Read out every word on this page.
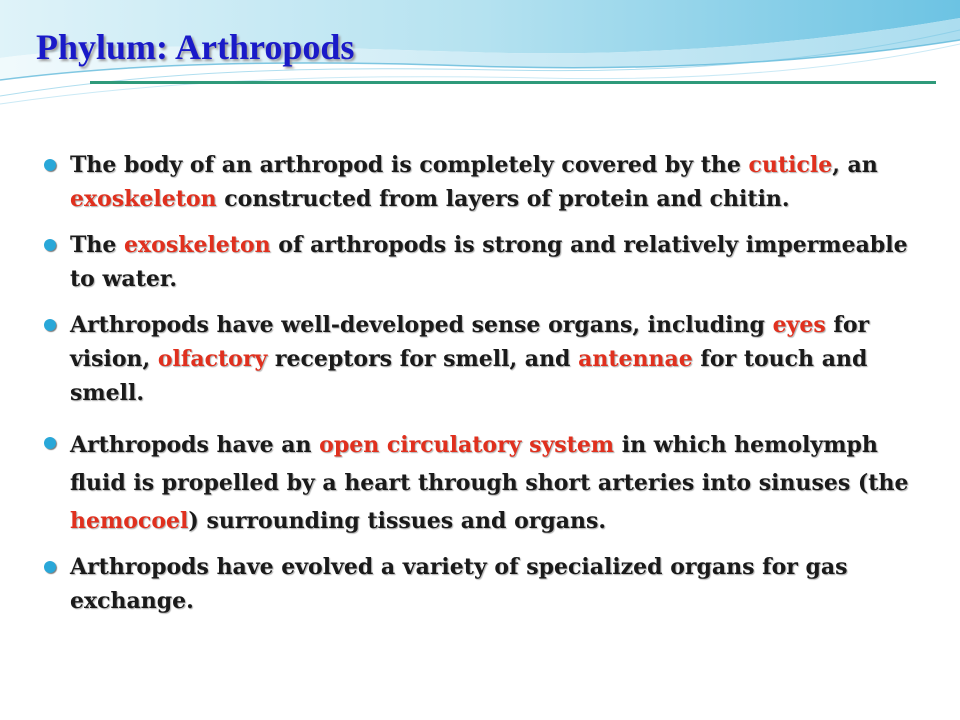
Phylum: Arthropods
The body of an arthropod is completely covered by the cuticle, an exoskeleton constructed from layers of protein and chitin.
The exoskeleton of arthropods is strong and relatively impermeable to water.
Arthropods have well-developed sense organs, including eyes for vision, olfactory receptors for smell, and antennae for touch and smell.
Arthropods have an open circulatory system in which hemolymph fluid is propelled by a heart through short arteries into sinuses (the hemocoel) surrounding tissues and organs.
Arthropods have evolved a variety of specialized organs for gas exchange.
